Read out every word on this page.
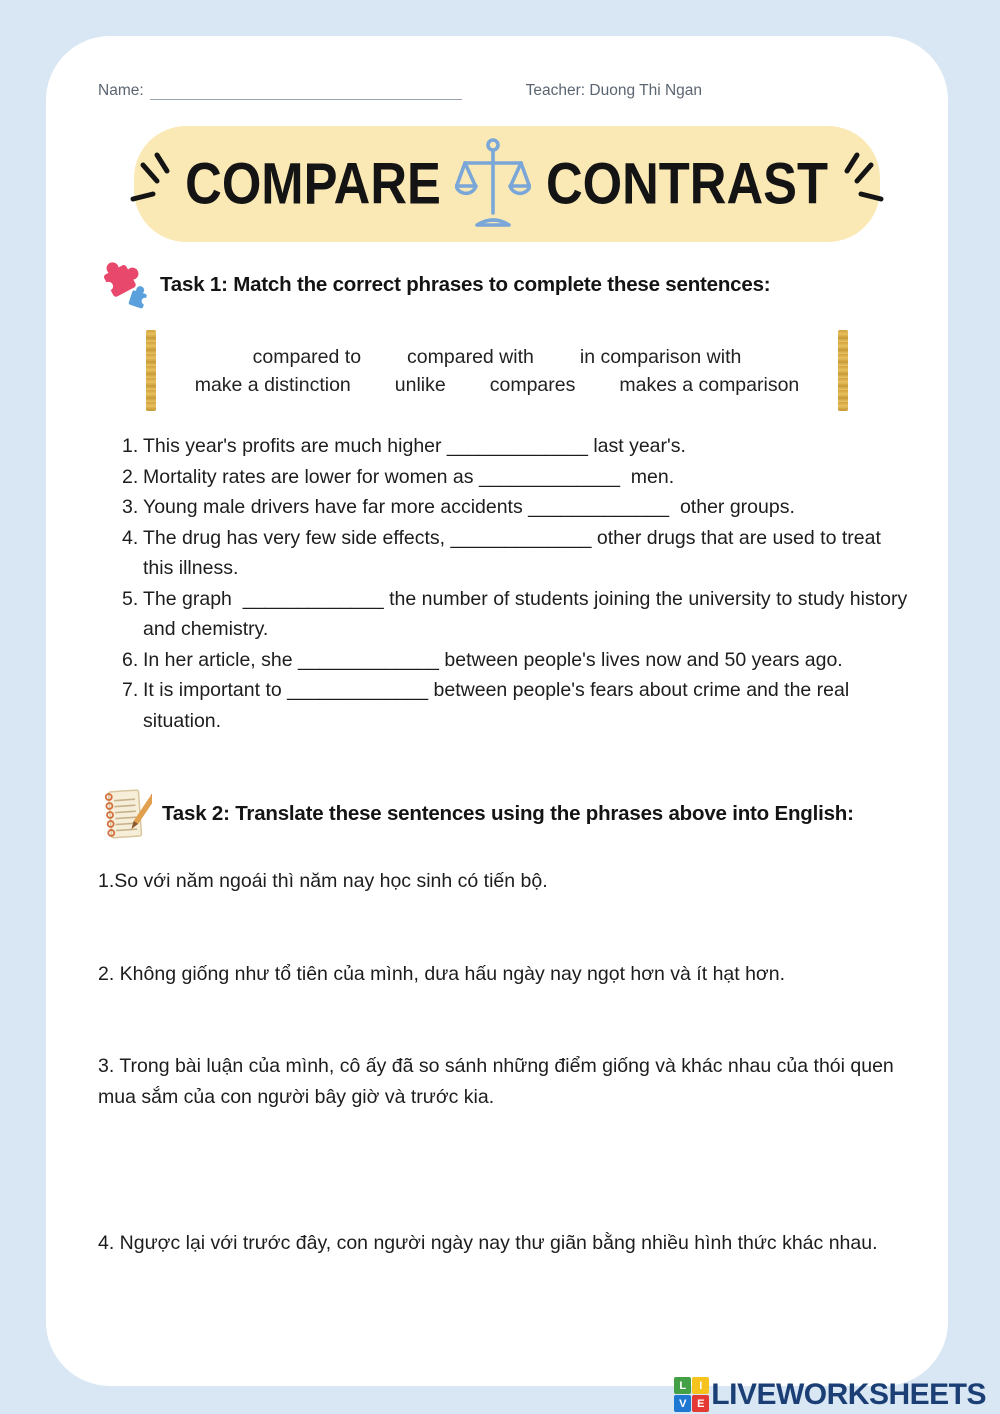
Name:	Teacher: Duong Thi Ngan
COMPARE CONTRAST
Task 1: Match the correct phrases to complete these sentences:
compared to compared with in comparison with
make a distinction unlike compares makes a comparison
1. This year's profits are much higher _____________ last year's.
2. Mortality rates are lower for women as _____________  men.
3. Young male drivers have far more accidents _____________  other groups.
4. The drug has very few side effects, _____________ other drugs that are used to treat this illness.
5. The graph  _____________ the number of students joining the university to study history and chemistry.
6. In her article, she _____________ between people's lives now and 50 years ago.
7. It is important to _____________ between people's fears about crime and the real situation.
Task 2: Translate these sentences using the phrases above into English:

1.So với năm ngoái thì năm nay học sinh có tiến bộ.

2. Không giống như tổ tiên của mình, dưa hấu ngày nay ngọt hơn và ít hạt hơn.

3. Trong bài luận của mình, cô ấy đã so sánh những điểm giống và khác nhau của thói quen mua sắm của con người bây giờ và trước kia.

4. Ngược lại với trước đây, con người ngày nay thư giãn bằng nhiều hình thức khác nhau.

L	I
V E LIVEWORKSHEETS
